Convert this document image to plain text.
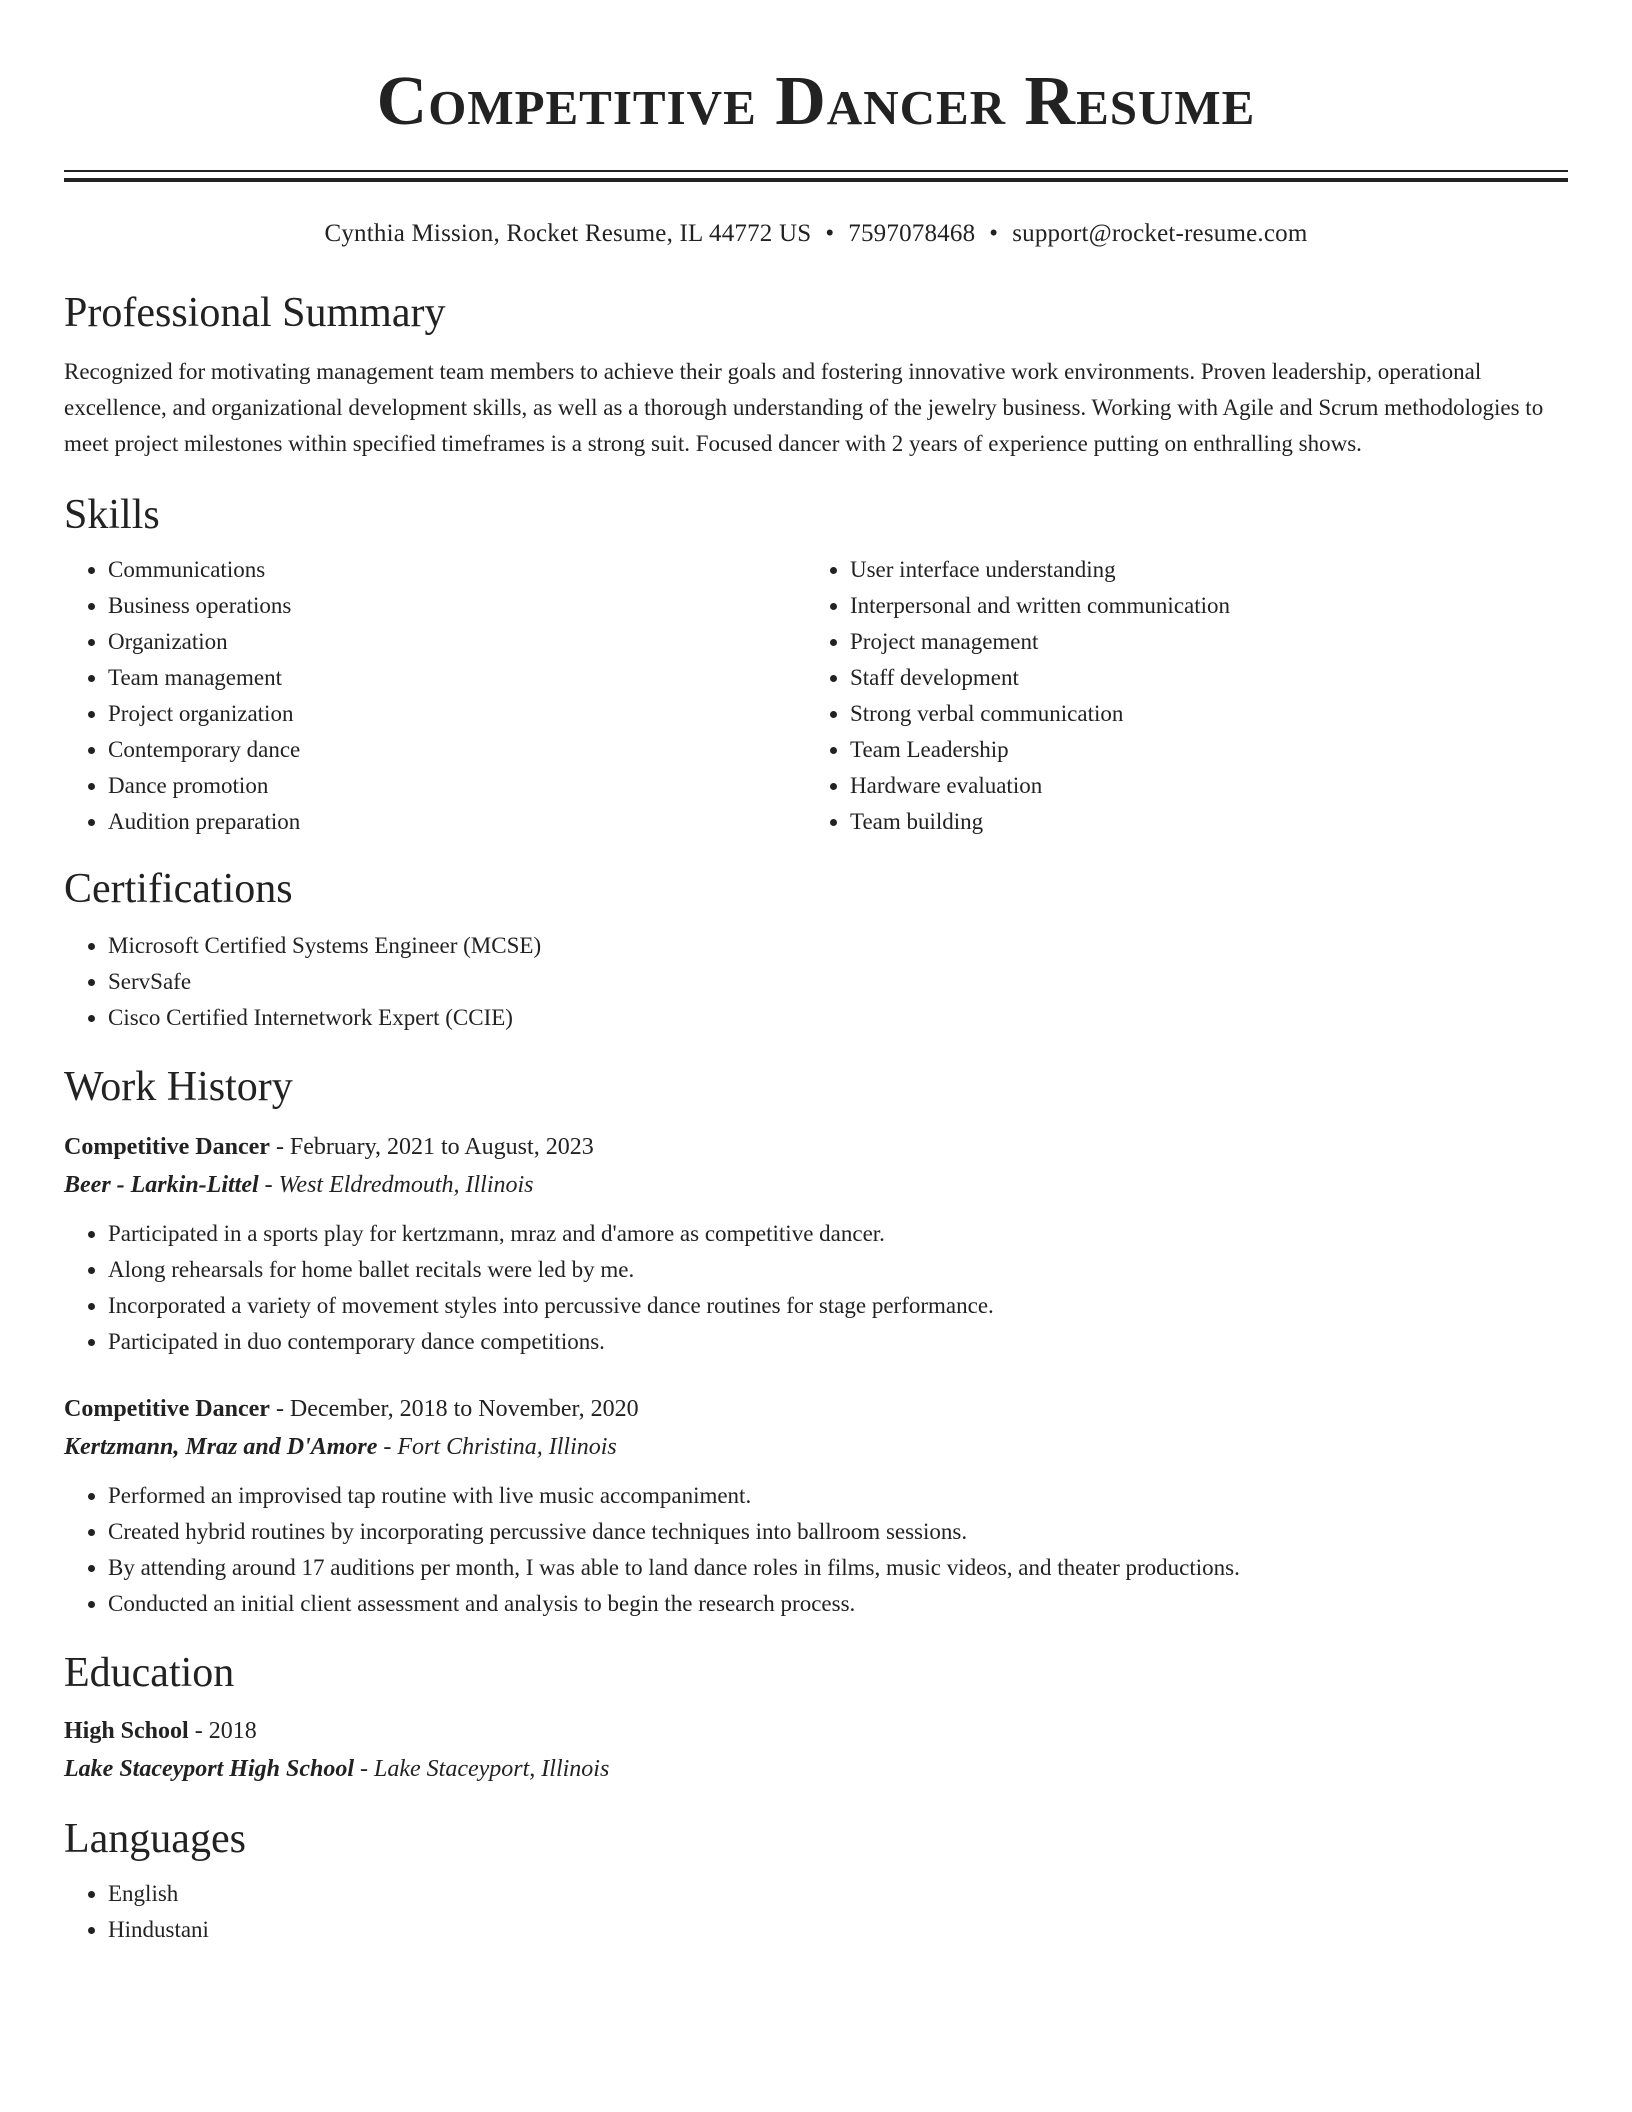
Competitive Dancer Resume
Cynthia Mission, Rocket Resume, IL 44772 US • 7597078468 • support@rocket-resume.com
Professional Summary

Recognized for motivating management team members to achieve their goals and fostering innovative work environments. Proven leadership, operational excellence, and organizational development skills, as well as a thorough understanding of the jewelry business. Working with Agile and Scrum methodologies to meet project milestones within specified timeframes is a strong suit. Focused dancer with 2 years of experience putting on enthralling shows.

Skills
• Communications
• Business operations
• Organization
• Team management
• Project organization
• Contemporary dance
• Dance promotion
• Audition preparation
• User interface understanding
• Interpersonal and written communication
• Project management
• Staff development
• Strong verbal communication
• Team Leadership
• Hardware evaluation
• Team building
Certifications
• Microsoft Certified Systems Engineer (MCSE)
• ServSafe
• Cisco Certified Internetwork Expert (CCIE)
Work History
Competitive Dancer - February, 2021 to August, 2023
Beer - Larkin-Littel - West Eldredmouth, Illinois
• Participated in a sports play for kertzmann, mraz and d'amore as competitive dancer.
• Along rehearsals for home ballet recitals were led by me.
• Incorporated a variety of movement styles into percussive dance routines for stage performance.
• Participated in duo contemporary dance competitions.
Competitive Dancer - December, 2018 to November, 2020
Kertzmann, Mraz and D'Amore - Fort Christina, Illinois
• Performed an improvised tap routine with live music accompaniment.
• Created hybrid routines by incorporating percussive dance techniques into ballroom sessions.
• By attending around 17 auditions per month, I was able to land dance roles in films, music videos, and theater productions.
• Conducted an initial client assessment and analysis to begin the research process.
Education
High School - 2018
Lake Staceyport High School - Lake Staceyport, Illinois
Languages
• English
• Hindustani
